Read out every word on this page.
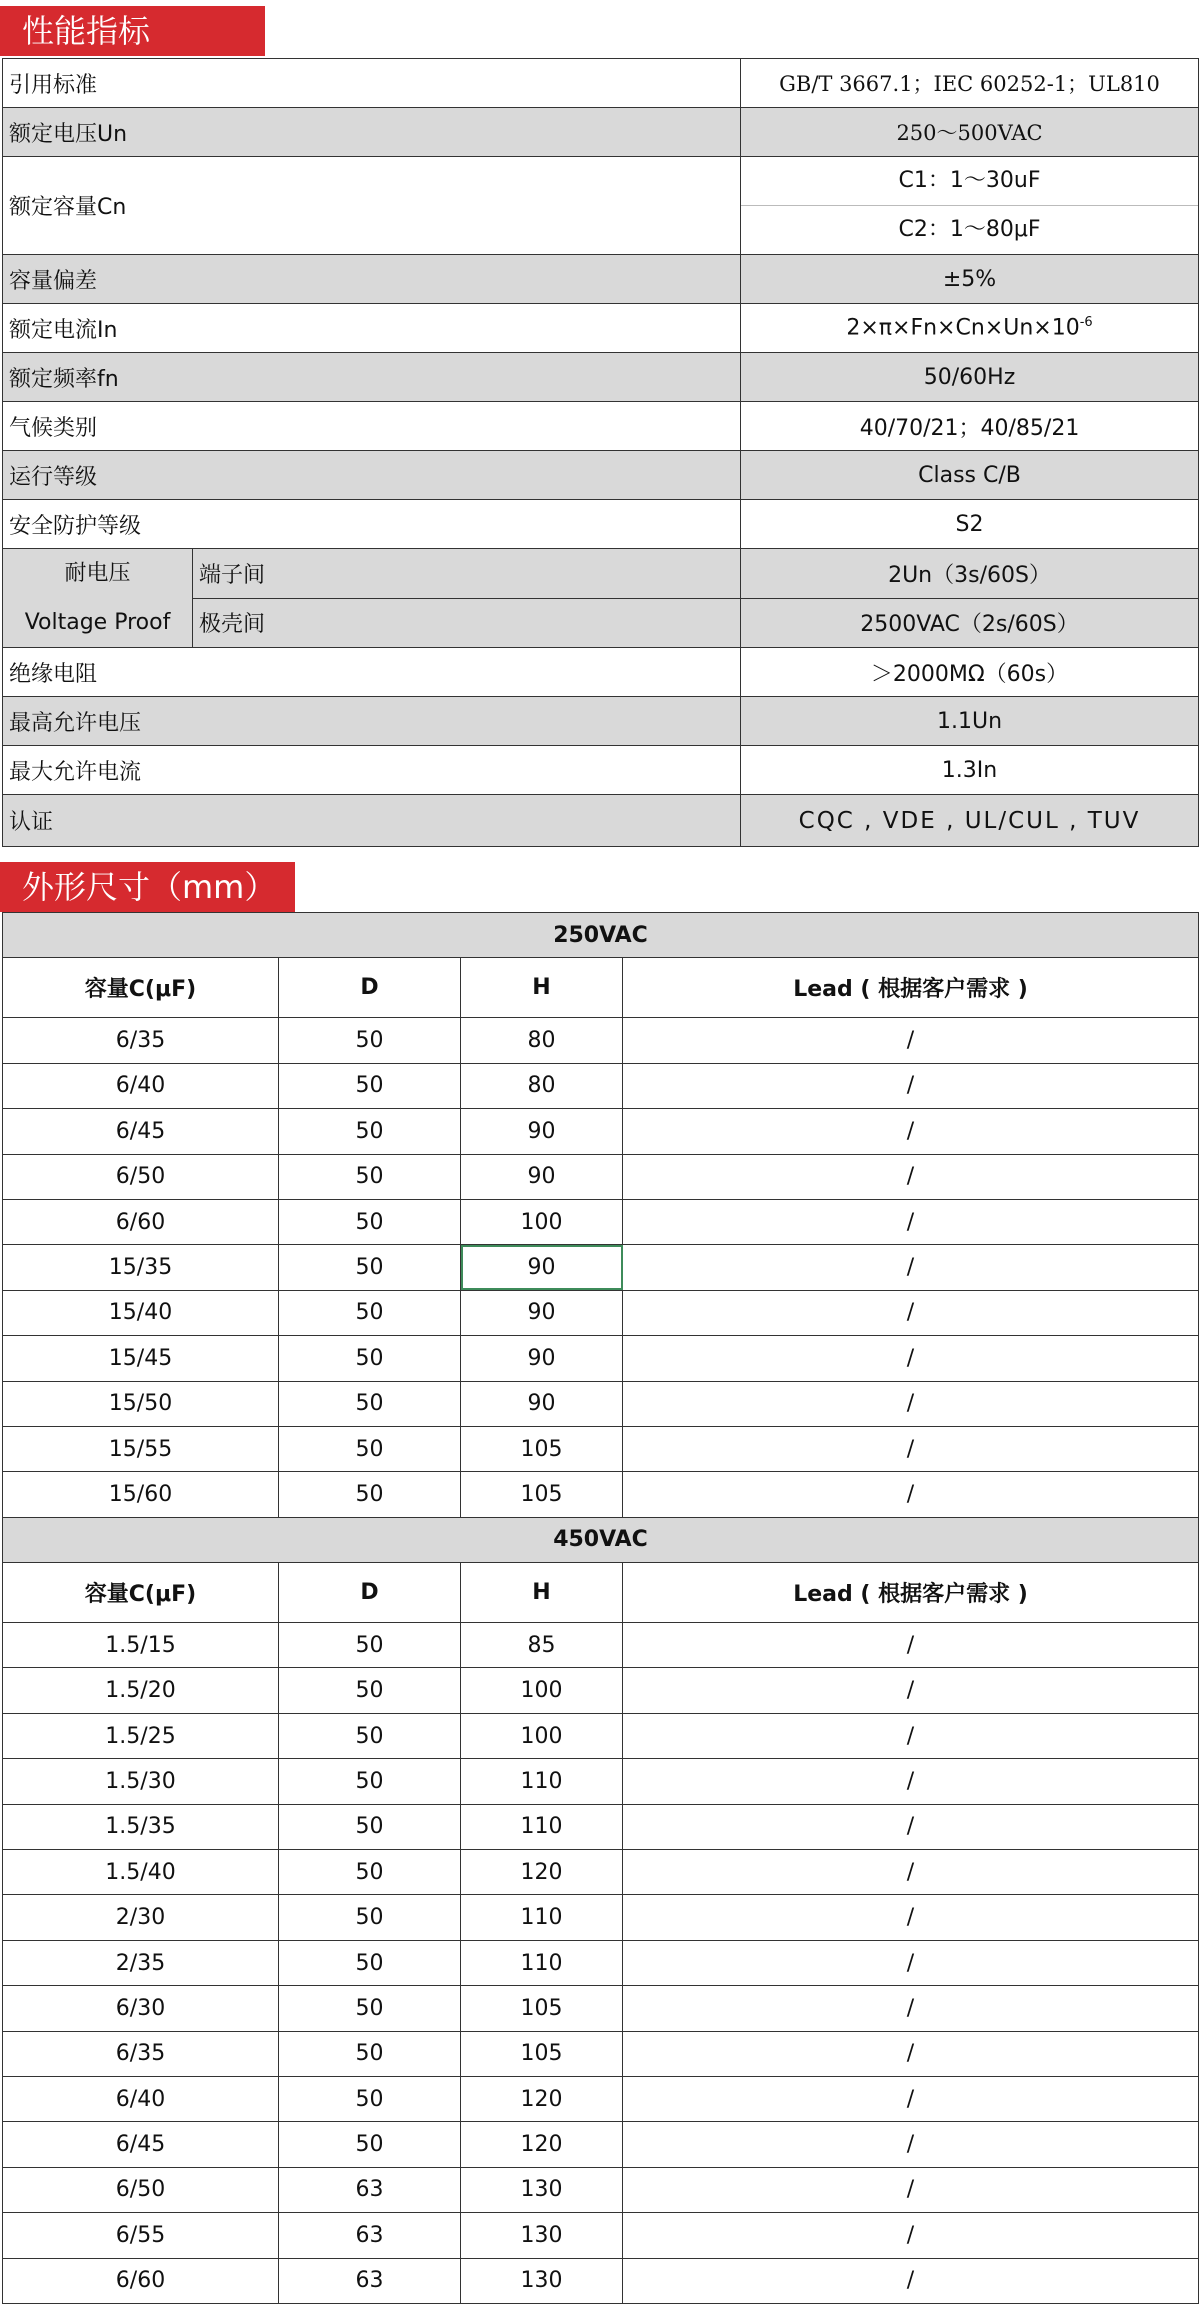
性能指标
引用标准		GB/T 3667.1；IEC 60252-1；UL810
额定电压Un		250～500VAC
额定容量Cn		C1：1～30uF
C2：1～80μF

容量偏差		±5%
额定电流In		$2\times\pi\times Fn\times Cn\times Un\times 10^{-6}$
额定频率fn		50/60Hz
气候类别		40/70/21；40/85/21
运行等级		Class C/B
安全防护等级		S2

耐电压
Voltage Proof	端子间	2Un（3s/60S）
	极壳间	2500VAC（2s/60S）
绝缘电阻		＞2000MΩ（60s）
最高允许电压		1.1Un
最大允许电流		1.3In
认证		CQC , VDE , UL/CUL , TUV
外形尺寸（mm）
250VAC			
容量C(μF)	D	H	Lead ( 根据客户需求 )
6/35	50	80	/
6/40	50	80	/
6/45	50	90	/
6/50	50	90	/
6/60	50	100	/
15/35	50	90	/
15/40	50	90	/
15/45	50	90	/
15/50	50	90	/
15/55	50	105	/
15/60	50	105	/
450VAC			
容量C(μF)	D	H	Lead ( 根据客户需求 )
1.5/15	50	85	/
1.5/20	50	100	/
1.5/25	50	100	/
1.5/30	50	110	/
1.5/35	50	110	/
1.5/40	50	120	/
2/30	50	110	/
2/35	50	110	/
6/30	50	105	/
6/35	50	105	/
6/40	50	120	/
6/45	50	120	/
6/50	63	130	/
6/55	63	130	/
6/60	63	130	/
